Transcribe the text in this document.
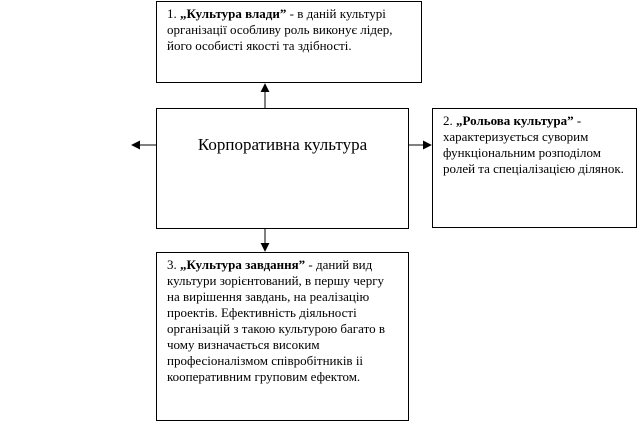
1. „Культура влади” - в даній культурі організації особливу роль виконує лідер, його особисті якості та здібності.
Корпоративна культура
2. „Рольова культура” - характеризується суворим функціональним розподілом ролей та спеціалізацією ділянок.
3. „Культура завдання” - даний вид культури зорієнтований, в першу чергу на вирішення завдань, на реалізацію проектів. Ефективність діяльності організацій з такою культурою багато в чому визначається високим професіоналізмом співробітників іі кооперативним груповим ефектом.
